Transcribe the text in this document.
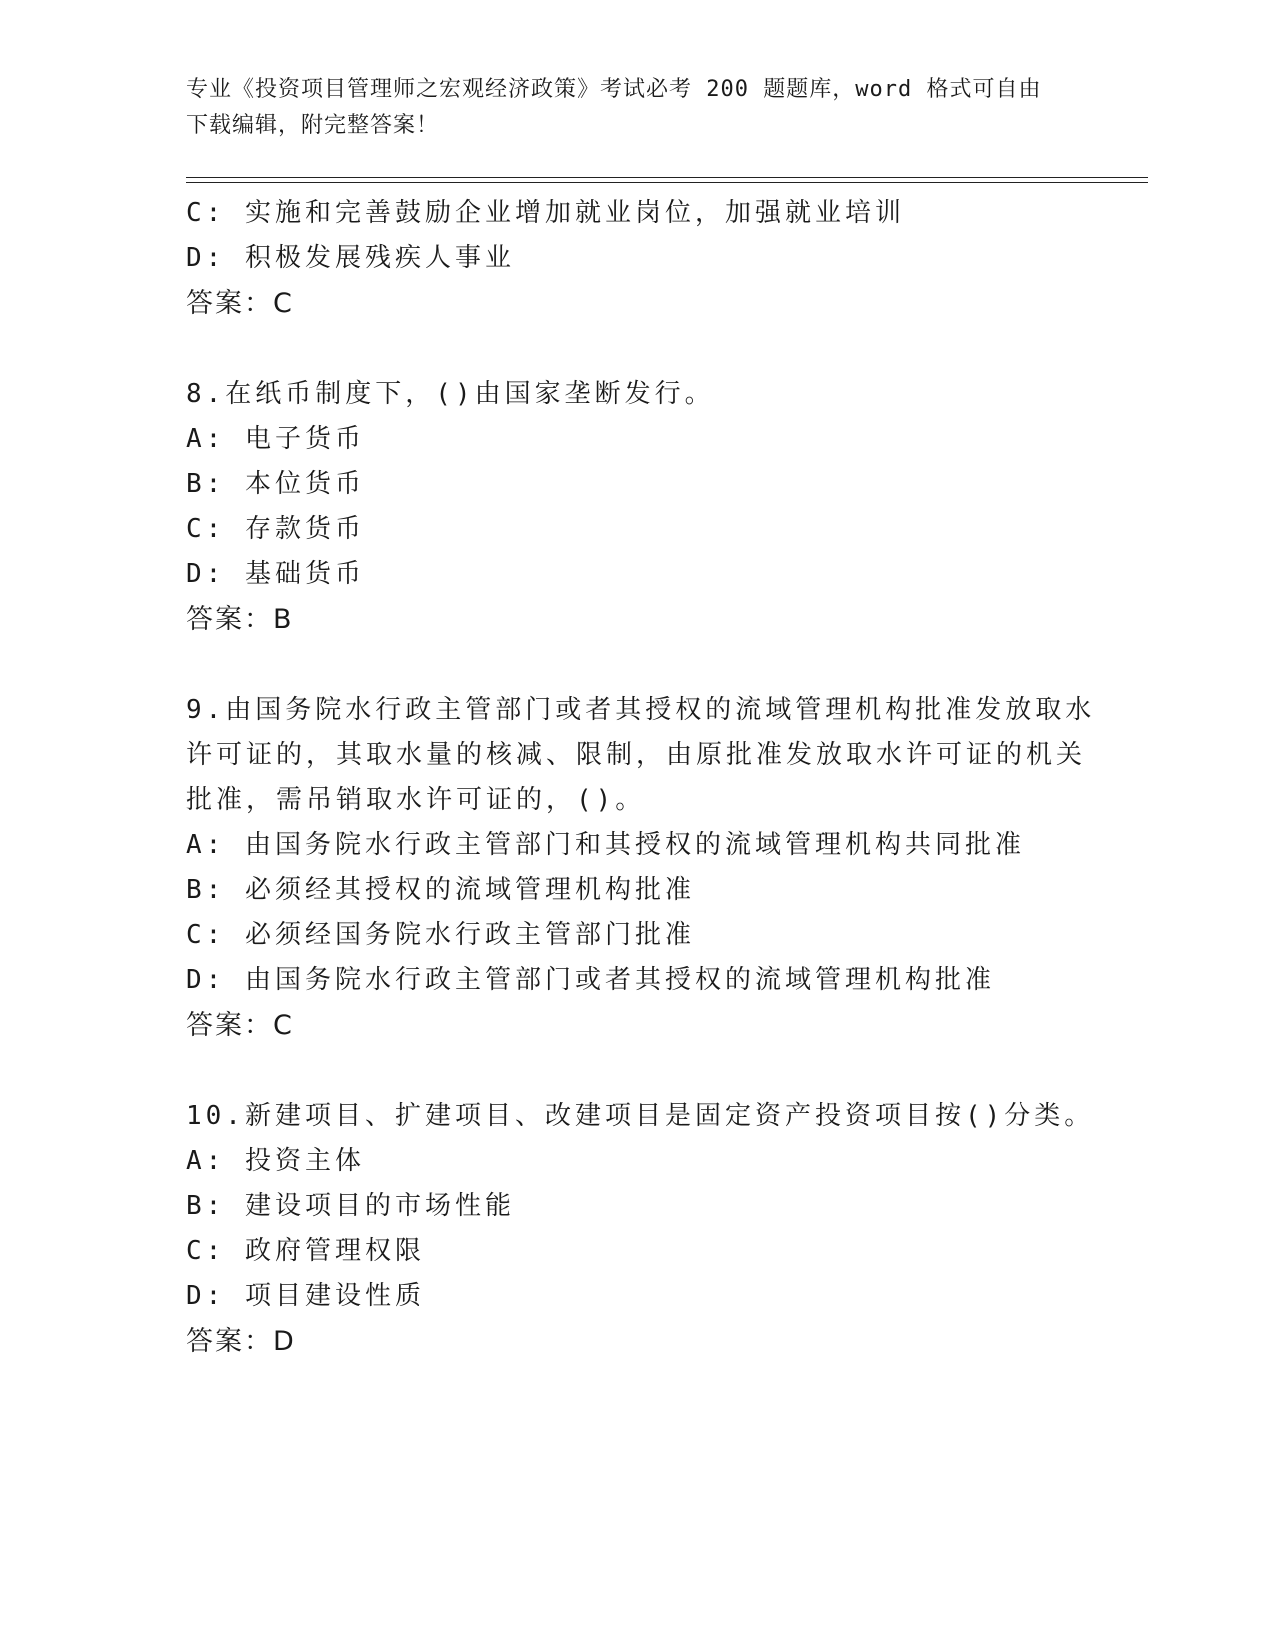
专业《投资项目管理师之宏观经济政策》考试必考 200 题题库，word 格式可自由
下载编辑，附完整答案！
C: 实施和完善鼓励企业增加就业岗位，加强就业培训
D: 积极发展残疾人事业
答案：C
8.在纸币制度下，()由国家垄断发行。
A: 电子货币
B: 本位货币
C: 存款货币
D: 基础货币
答案：B
9.由国务院水行政主管部门或者其授权的流域管理机构批准发放取水
许可证的，其取水量的核减、限制，由原批准发放取水许可证的机关
批准，需吊销取水许可证的，()。
A: 由国务院水行政主管部门和其授权的流域管理机构共同批准
B: 必须经其授权的流域管理机构批准
C: 必须经国务院水行政主管部门批准
D: 由国务院水行政主管部门或者其授权的流域管理机构批准
答案：C
10.新建项目、扩建项目、改建项目是固定资产投资项目按()分类。
A: 投资主体
B: 建设项目的市场性能
C: 政府管理权限
D: 项目建设性质
答案：D
